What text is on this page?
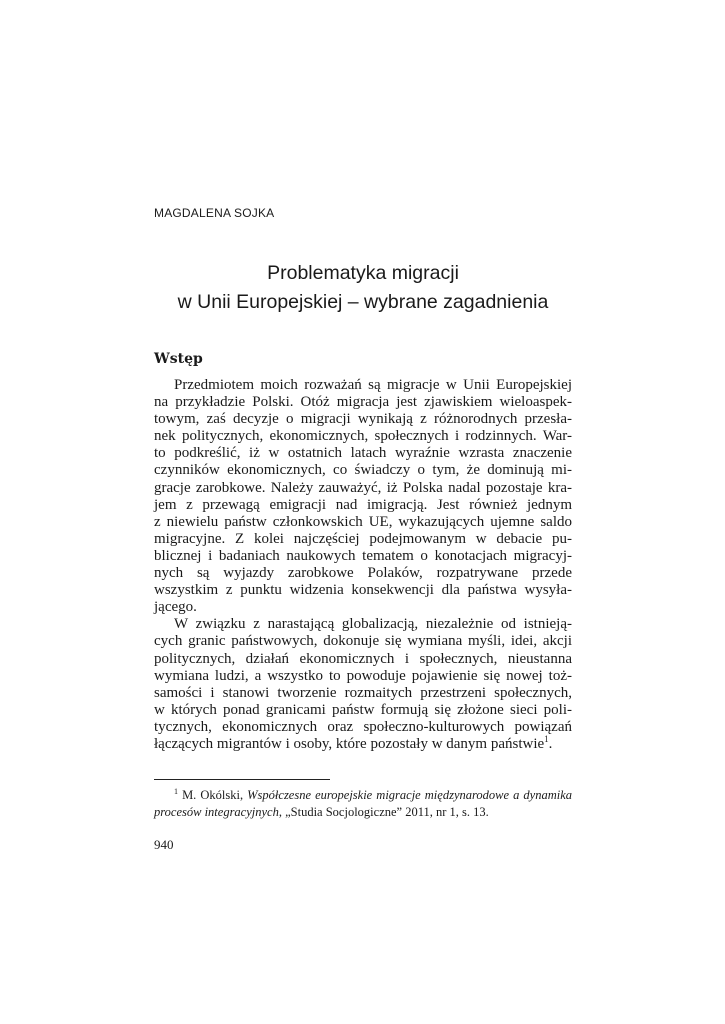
MAGDALENA SOJKA
Problematyka migracji
w Unii Europejskiej – wybrane zagadnienia
Wstęp
Przedmiotem moich rozważań są migracje w Unii Europejskiej
na przykładzie Polski. Otóż migracja jest zjawiskiem wieloaspek-
towym, zaś decyzje o migracji wynikają z różnorodnych przesła-
nek politycznych, ekonomicznych, społecznych i rodzinnych. War-
to podkreślić, iż w ostatnich latach wyraźnie wzrasta znaczenie
czynników ekonomicznych, co świadczy o tym, że dominują mi-
gracje zarobkowe. Należy zauważyć, iż Polska nadal pozostaje kra-
jem z przewagą emigracji nad imigracją. Jest również jednym
z niewielu państw członkowskich UE, wykazujących ujemne saldo
migracyjne. Z kolei najczęściej podejmowanym w debacie pu-
blicznej i badaniach naukowych tematem o konotacjach migracyj-
nych są wyjazdy zarobkowe Polaków, rozpatrywane przede
wszystkim z punktu widzenia konsekwencji dla państwa wysyła-
jącego.
W związku z narastającą globalizacją, niezależnie od istnieją-
cych granic państwowych, dokonuje się wymiana myśli, idei, akcji
politycznych, działań ekonomicznych i społecznych, nieustanna
wymiana ludzi, a wszystko to powoduje pojawienie się nowej toż-
samości i stanowi tworzenie rozmaitych przestrzeni społecznych,
w których ponad granicami państw formują się złożone sieci poli-
tycznych, ekonomicznych oraz społeczno-kulturowych powiązań
łączących migrantów i osoby, które pozostały w danym państwie$^1$.
$^1$ M. Okólski, Współczesne europejskie migracje międzynarodowe a dynamika
procesów integracyjnych, „Studia Socjologiczne” 2011, nr 1, s. 13.
940
